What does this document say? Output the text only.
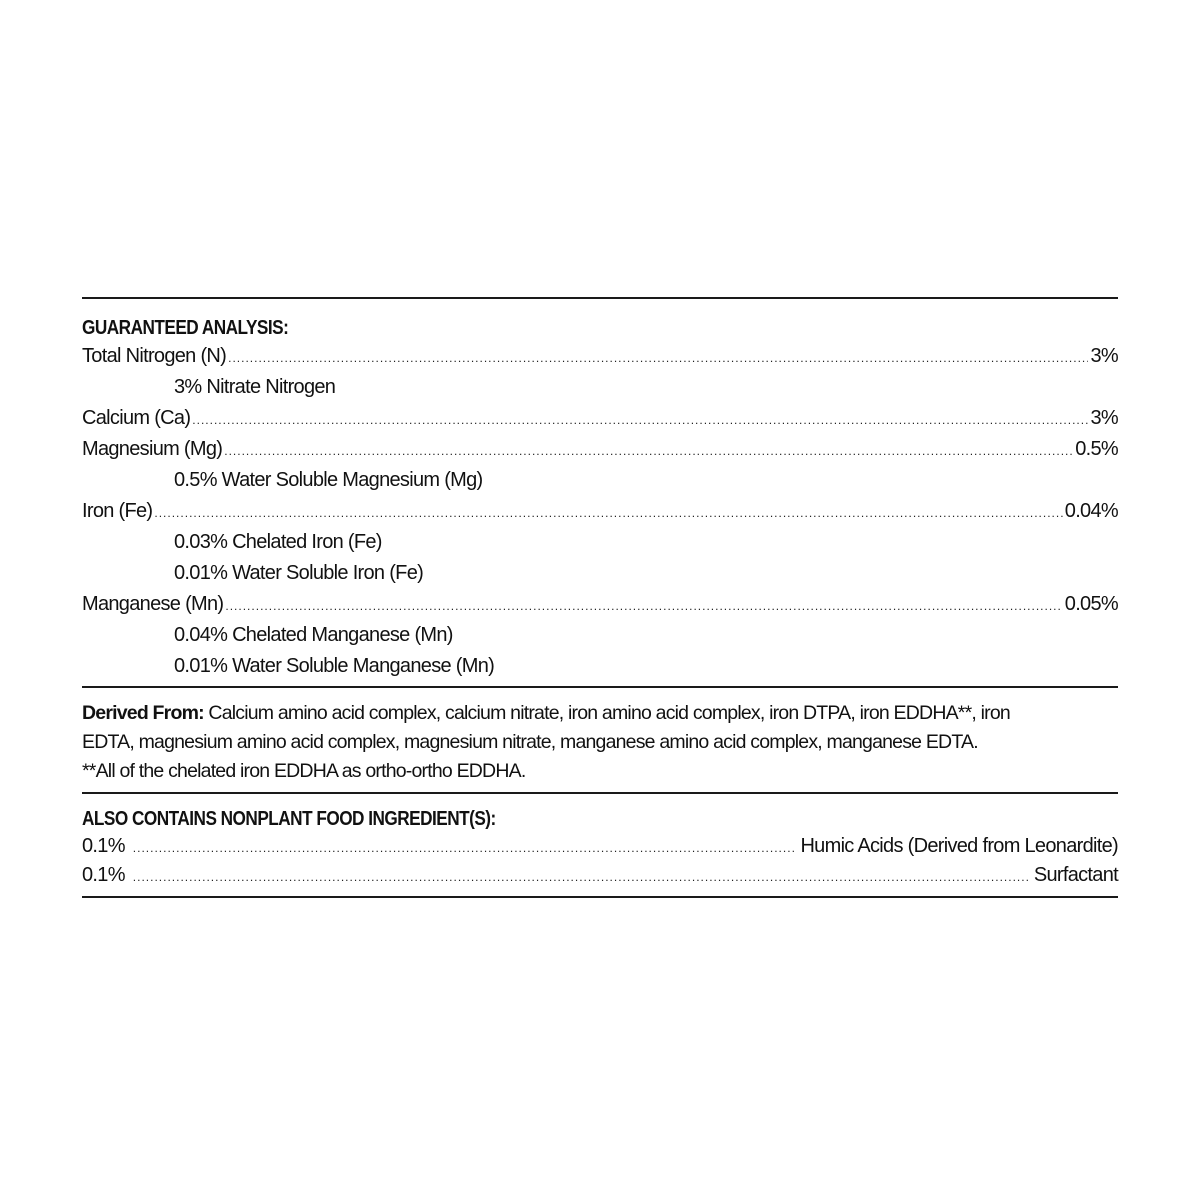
GUARANTEED ANALYSIS:
Total Nitrogen (N) .....	3%
3% Nitrate Nitrogen
Calcium (Ca) .....	3%
Magnesium (Mg) .....	0.5%
0.5% Water Soluble Magnesium (Mg)
Iron (Fe) .....	0.04%
0.03% Chelated Iron (Fe)
0.01% Water Soluble Iron (Fe)
Manganese (Mn) .....	0.05%
0.04% Chelated Manganese (Mn)
0.01% Water Soluble Manganese (Mn)
Derived From: Calcium amino acid complex, calcium nitrate, iron amino acid complex, iron DTPA, iron EDDHA**, iron
EDTA, magnesium amino acid complex, magnesium nitrate, manganese amino acid complex, manganese EDTA.
**All of the chelated iron EDDHA as ortho-ortho EDDHA.
ALSO CONTAINS NONPLANT FOOD INGREDIENT(S):
0.1% .....	Humic Acids (Derived from Leonardite)
0.1% .....	Surfactant
